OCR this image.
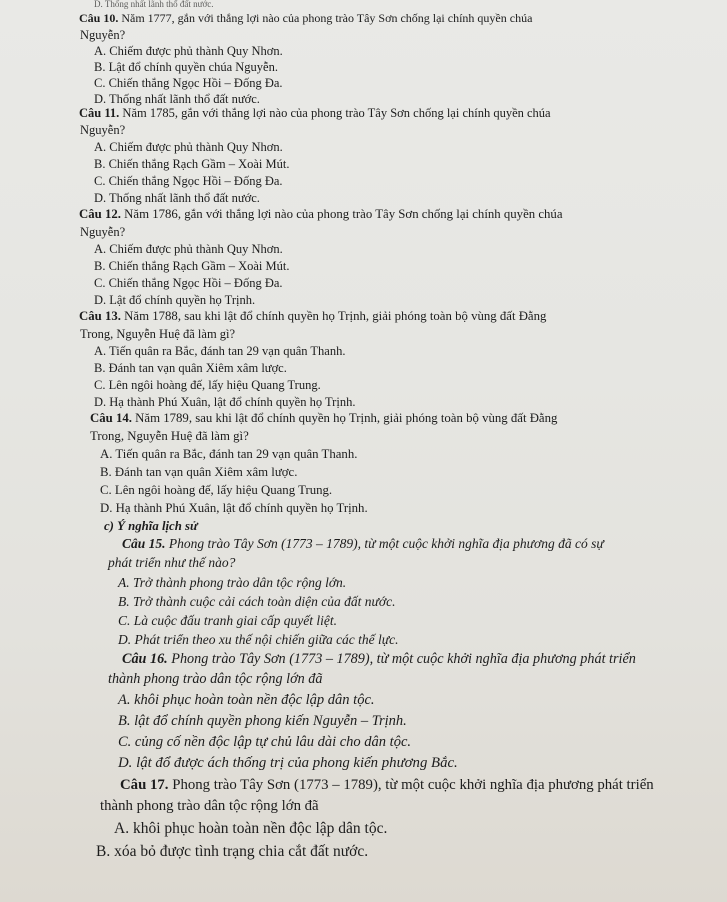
D. Thống nhất lãnh thổ đất nước.
Câu 10. Năm 1777, gắn với thắng lợi nào của phong trào Tây Sơn chống lại chính quyền chúa
Nguyễn?
A. Chiếm được phủ thành Quy Nhơn.
B. Lật đổ chính quyền chúa Nguyễn.
C. Chiến thắng Ngọc Hồi – Đống Đa.
D. Thống nhất lãnh thổ đất nước.
Câu 11. Năm 1785, gắn với thắng lợi nào của phong trào Tây Sơn chống lại chính quyền chúa
Nguyễn?
A. Chiếm được phủ thành Quy Nhơn.
B. Chiến thắng Rạch Gầm – Xoài Mút.
C. Chiến thắng Ngọc Hồi – Đống Đa.
D. Thống nhất lãnh thổ đất nước.
Câu 12. Năm 1786, gắn với thắng lợi nào của phong trào Tây Sơn chống lại chính quyền chúa
Nguyễn?
A. Chiếm được phủ thành Quy Nhơn.
B. Chiến thắng Rạch Gầm – Xoài Mút.
C. Chiến thắng Ngọc Hồi – Đống Đa.
D. Lật đổ chính quyền họ Trịnh.
Câu 13. Năm 1788, sau khi lật đổ chính quyền họ Trịnh, giải phóng toàn bộ vùng đất Đằng
Trong, Nguyễn Huệ đã làm gì?
A. Tiến quân ra Bắc, đánh tan 29 vạn quân Thanh.
B. Đánh tan vạn quân Xiêm xâm lược.
C. Lên ngôi hoàng đế, lấy hiệu Quang Trung.
D. Hạ thành Phú Xuân, lật đổ chính quyền họ Trịnh.
Câu 14. Năm 1789, sau khi lật đổ chính quyền họ Trịnh, giải phóng toàn bộ vùng đất Đằng
Trong, Nguyễn Huệ đã làm gì?
A. Tiến quân ra Bắc, đánh tan 29 vạn quân Thanh.
B. Đánh tan vạn quân Xiêm xâm lược.
C. Lên ngôi hoàng đế, lấy hiệu Quang Trung.
D. Hạ thành Phú Xuân, lật đổ chính quyền họ Trịnh.
c) Ý nghĩa lịch sử
Câu 15. Phong trào Tây Sơn (1773 – 1789), từ một cuộc khởi nghĩa địa phương đã có sự
phát triển như thế nào?
A. Trở thành phong trào dân tộc rộng lớn.
B. Trở thành cuộc cải cách toàn diện của đất nước.
C. Là cuộc đấu tranh giai cấp quyết liệt.
D. Phát triển theo xu thế nội chiến giữa các thế lực.
Câu 16. Phong trào Tây Sơn (1773 – 1789), từ một cuộc khởi nghĩa địa phương phát triển
thành phong trào dân tộc rộng lớn đã
A. khôi phục hoàn toàn nền độc lập dân tộc.
B. lật đổ chính quyền phong kiến Nguyễn – Trịnh.
C. củng cố nền độc lập tự chủ lâu dài cho dân tộc.
D. lật đổ được ách thống trị của phong kiến phương Bắc.
Câu 17. Phong trào Tây Sơn (1773 – 1789), từ một cuộc khởi nghĩa địa phương phát triển
thành phong trào dân tộc rộng lớn đã
A. khôi phục hoàn toàn nền độc lập dân tộc.
B. xóa bỏ được tình trạng chia cắt đất nước.
